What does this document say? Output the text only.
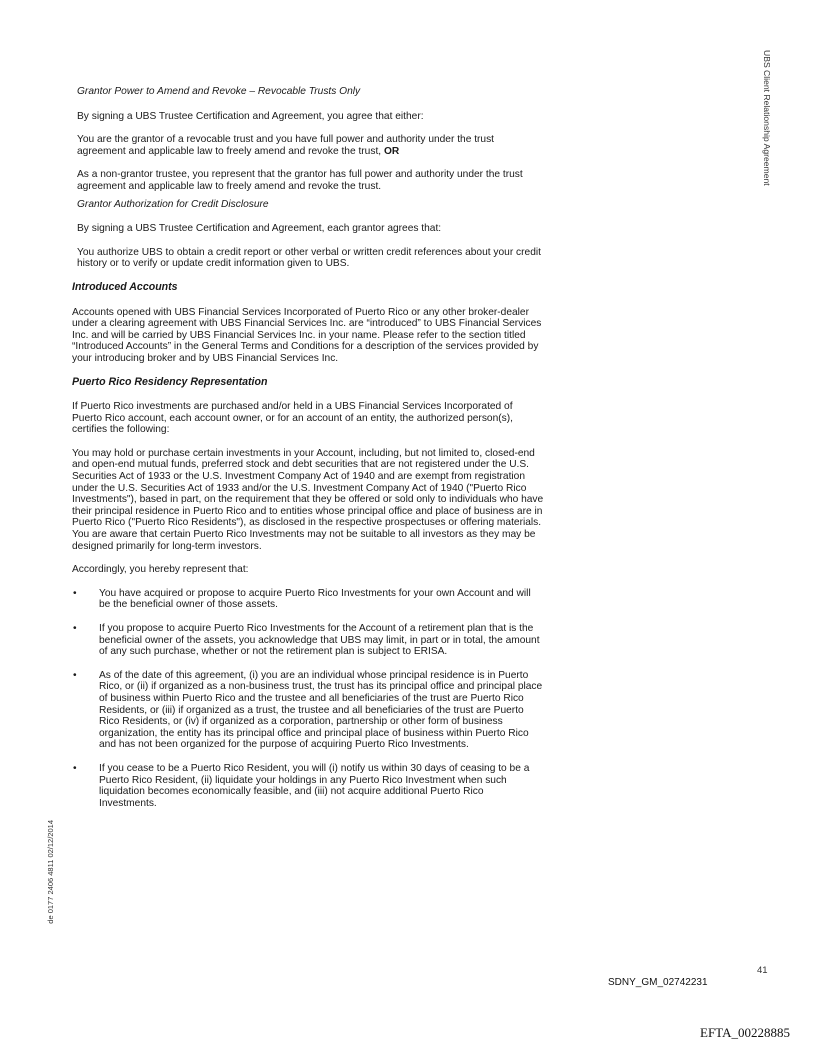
UBS Client Relationship Agreement
de 0177 2406 4811 02/12/2014

Grantor Power to Amend and Revoke – Revocable Trusts Only

By signing a UBS Trustee Certification and Agreement, you agree that either:

You are the grantor of a revocable trust and you have full power and authority under the trust agreement and applicable law to freely amend and revoke the trust, OR

As a non-grantor trustee, you represent that the grantor has full power and authority under the trust agreement and applicable law to freely amend and revoke the trust.

Grantor Authorization for Credit Disclosure

By signing a UBS Trustee Certification and Agreement, each grantor agrees that:

You authorize UBS to obtain a credit report or other verbal or written credit references about your credit history or to verify or update credit information given to UBS.

Introduced Accounts

Accounts opened with UBS Financial Services Incorporated of Puerto Rico or any other broker-dealer under a clearing agreement with UBS Financial Services Inc. are “introduced” to UBS Financial Services Inc. and will be carried by UBS Financial Services Inc. in your name. Please refer to the section titled “Introduced Accounts” in the General Terms and Conditions for a description of the services provided by your introducing broker and by UBS Financial Services Inc.

Puerto Rico Residency Representation

If Puerto Rico investments are purchased and/or held in a UBS Financial Services Incorporated of Puerto Rico account, each account owner, or for an account of an entity, the authorized person(s), certifies the following:

You may hold or purchase certain investments in your Account, including, but not limited to, closed-end and open-end mutual funds, preferred stock and debt securities that are not registered under the U.S. Securities Act of 1933 or the U.S. Investment Company Act of 1940 and are exempt from registration under the U.S. Securities Act of 1933 and/or the U.S. Investment Company Act of 1940 ("Puerto Rico Investments"), based in part, on the requirement that they be offered or sold only to individuals who have their principal residence in Puerto Rico and to entities whose principal office and place of business are in Puerto Rico ("Puerto Rico Residents"), as disclosed in the respective prospectuses or offering materials. You are aware that certain Puerto Rico Investments may not be suitable to all investors as they may be designed primarily for long-term investors.

Accordingly, you hereby represent that:

• You have acquired or propose to acquire Puerto Rico Investments for your own Account and will be the beneficial owner of those assets.
• If you propose to acquire Puerto Rico Investments for the Account of a retirement plan that is the beneficial owner of the assets, you acknowledge that UBS may limit, in part or in total, the amount of any such purchase, whether or not the retirement plan is subject to ERISA.
• As of the date of this agreement, (i) you are an individual whose principal residence is in Puerto Rico, or (ii) if organized as a non-business trust, the trust has its principal office and principal place of business within Puerto Rico and the trustee and all beneficiaries of the trust are Puerto Rico Residents, or (iii) if organized as a trust, the trustee and all beneficiaries of the trust are Puerto Rico Residents, or (iv) if organized as a corporation, partnership or other form of business organization, the entity has its principal office and principal place of business within Puerto Rico and has not been organized for the purpose of acquiring Puerto Rico Investments.
• If you cease to be a Puerto Rico Resident, you will (i) notify us within 30 days of ceasing to be a Puerto Rico Resident, (ii) liquidate your holdings in any Puerto Rico Investment when such liquidation becomes economically feasible, and (iii) not acquire additional Puerto Rico Investments.
41
SDNY_GM_02742231
EFTA_00228885
